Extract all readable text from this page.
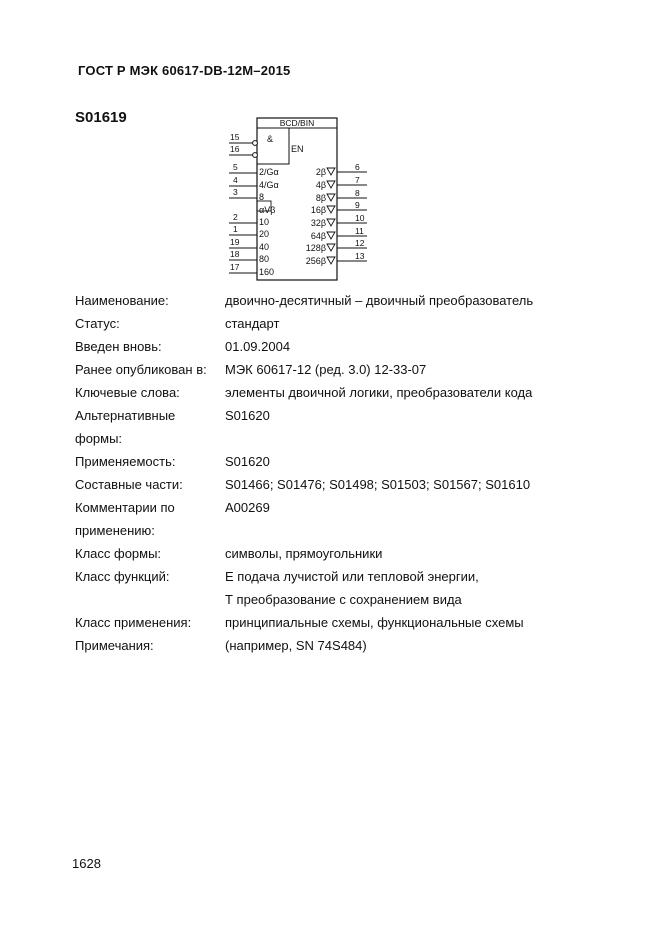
ГОСТ Р МЭК 60617-DB-12M–2015
S01619	BCD/BIN
&
EN
15
16
5 2/Gα
4 4/Gα
3 8
αVβ
2 10
1 20
19 40
18 80
17 160
6
2β
7
4β
8
8β
9
16β
10
32β
11
64β
12
128β
13
256β
Наименование:	двоично-десятичный – двоичный преобразователь
Статус:	стандарт
Введен вновь:	01.09.2004
Ранее опубликован в:	МЭК 60617-12 (ред. 3.0) 12-33-07
Ключевые слова:	элементы двоичной логики, преобразователи кода
Альтернативные	S01620
формы:
Применяемость:	S01620
Составные части:	S01466; S01476; S01498; S01503; S01567; S01610
Комментарии по	A00269
применению:
Класс формы:	символы, прямоугольники
Класс функций:	Е подача лучистой или тепловой энергии,
Т преобразование с сохранением вида
Класс применения:	принципиальные схемы, функциональные схемы
Примечания:	(например, SN 74S484)
1628
